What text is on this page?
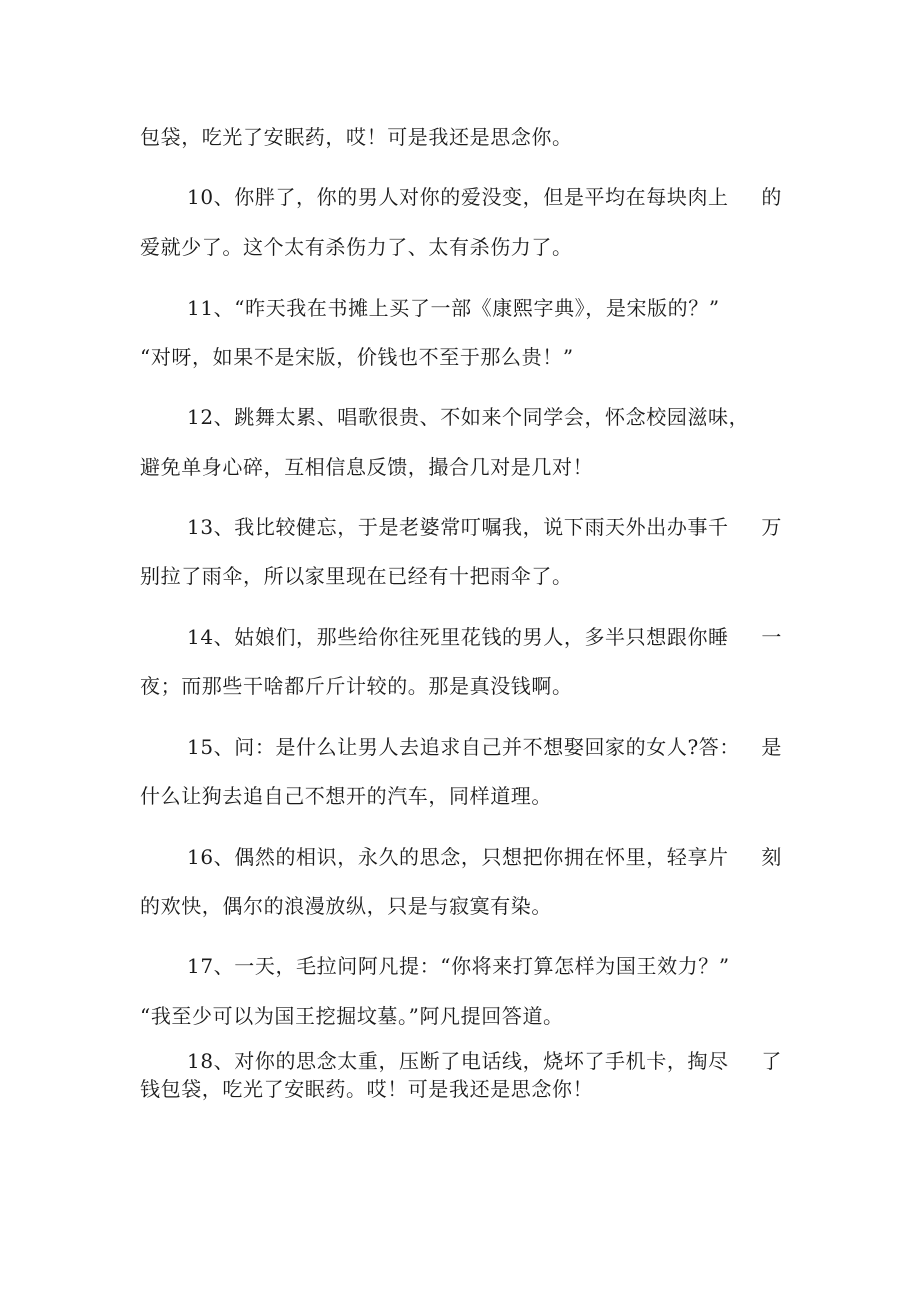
包袋，吃光了安眠药，哎！可是我还是思念你。
10、你胖了，你的男人对你的爱没变，但是平均在每块肉上 的
爱就少了。这个太有杀伤力了、太有杀伤力了。
11、“昨天我在书摊上买了一部《康熙字典》，是宋版的？”
“对呀，如果不是宋版，价钱也不至于那么贵！”
12、跳舞太累、唱歌很贵、不如来个同学会，怀念校园滋味，
避免单身心碎，互相信息反馈，撮合几对是几对！
13、我比较健忘，于是老婆常叮嘱我，说下雨天外出办事千 万
别拉了雨伞，所以家里现在已经有十把雨伞了。
14、姑娘们，那些给你往死里花钱的男人，多半只想跟你睡 一
夜；而那些干啥都斤斤计较的。那是真没钱啊。
15、问：是什么让男人去追求自己并不想娶回家的女人?答： 是
什么让狗去追自己不想开的汽车，同样道理。
16、偶然的相识，永久的思念，只想把你拥在怀里，轻享片 刻
的欢快，偶尔的浪漫放纵，只是与寂寞有染。
17、一天，毛拉问阿凡提：“你将来打算怎样为国王效力？”
“我至少可以为国王挖掘坟墓。”阿凡提回答道。
18、对你的思念太重，压断了电话线，烧坏了手机卡，掏尽 了
钱包袋，吃光了安眠药。哎！可是我还是思念你！
